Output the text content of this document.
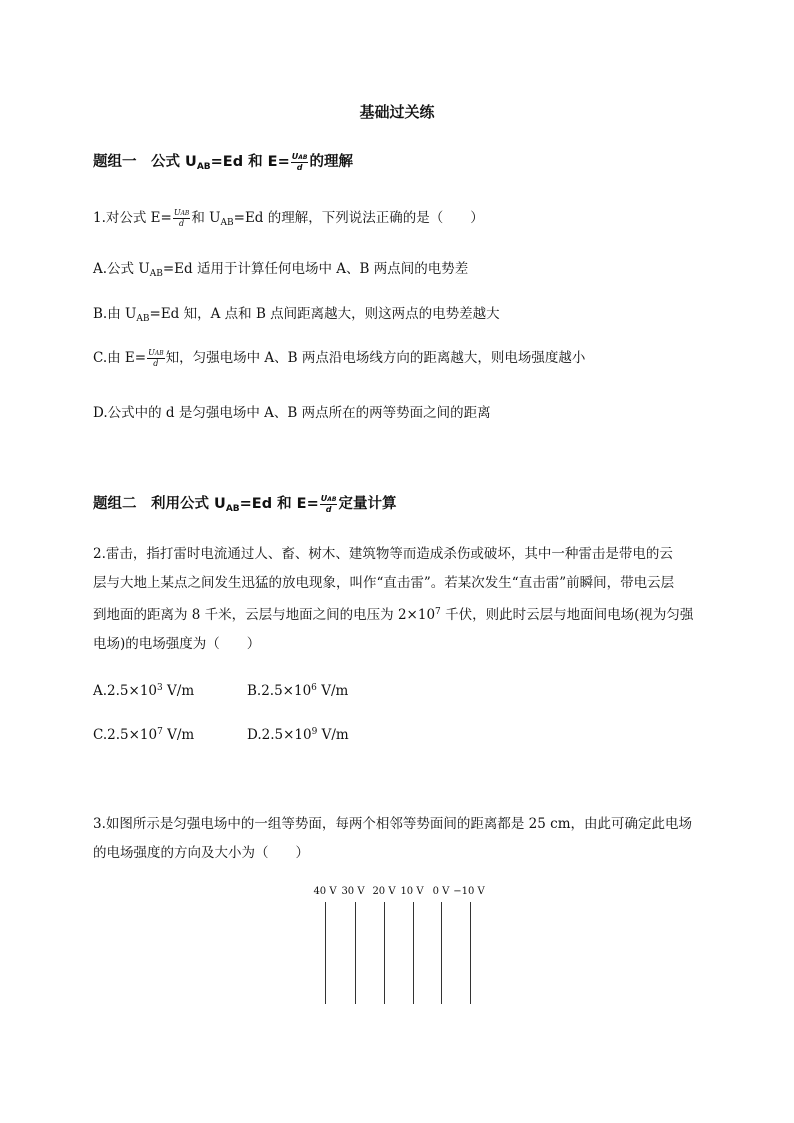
基础过关练
题组一　公式 $U_{AB}=Ed$ 和 $E= \frac{\text{UAB}}{d}$ 的理解
1.对公式 $E= \frac{\text{UAB}}{d}$ 和 $U_{AB}=Ed$ 的理解，下列说法正确的是（　　）
A.公式 $U_{AB}=Ed$ 适用于计算任何电场中 A、B 两点间的电势差
B.由 $U_{AB}=Ed$ 知，A 点和 B 点间距离越大，则这两点的电势差越大
C.由 $E= \frac{\text{UAB}}{d}$ 知，匀强电场中 A、B 两点沿电场线方向的距离越大，则电场强度越小
D.公式中的 d 是匀强电场中 A、B 两点所在的两等势面之间的距离
题组二　利用公式 $U_{AB}=Ed$ 和 $E= \frac{\text{UAB}}{d}$ 定量计算
2.雷击，指打雷时电流通过人、畜、树木、建筑物等而造成杀伤或破坏，其中一种雷击是带电的云
层与大地上某点之间发生迅猛的放电现象，叫作“直击雷”。若某次发生“直击雷”前瞬间，带电云层
到地面的距离为 8 千米，云层与地面之间的电压为 $2\times 10^7$ 千伏，则此时云层与地面间电场(视为匀强
电场)的电场强度为（　　）
$A.2.5\times 10^3$ V/m	$B.2.5\times 10^6$ V/m
$C.2.5\times 10^7$ V/m	$D.2.5\times 10^9$ V/m
3.如图所示是匀强电场中的一组等势面，每两个相邻等势面间的距离都是 25 cm，由此可确定此电场
的电场强度的方向及大小为（　　）
40 V 30 V 20 V 10 V 0 V −10 V
